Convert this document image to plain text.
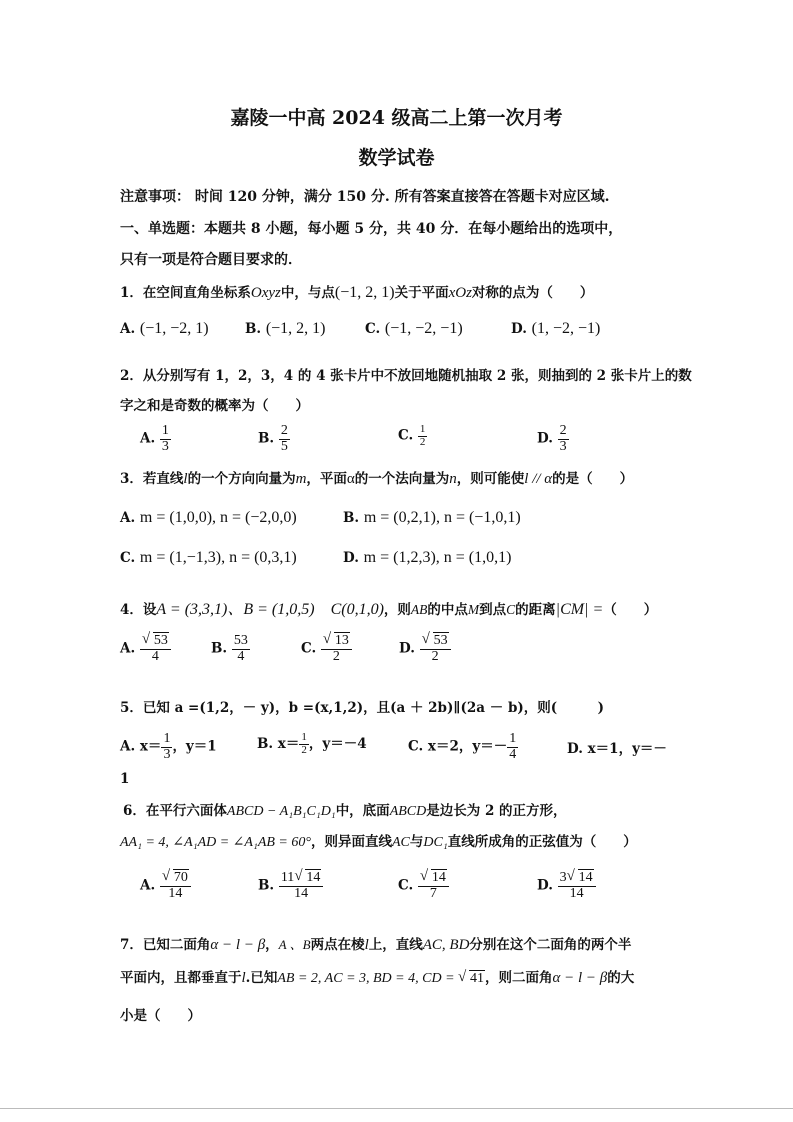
嘉陵一中高 2024 级高二上第一次月考
数学试卷
注意事项： 时间 120 分钟，满分 150 分. 所有答案直接答在答题卡对应区域.
一、单选题：本题共 8 小题，每小题 5 分，共 40 分．在每小题给出的选项中，
只有一项是符合题目要求的．
1．在空间直角坐标系Oxyz中，与点(−1, 2, 1)关于平面xOz对称的点为（　　）
A. (−1, −2, 1)	B. (−1, 2, 1)	C. (−1, −2, −1)	D. (1, −2, −1)
2．从分别写有 1，2，3，4 的 4 张卡片中不放回地随机抽取 2 张，则抽到的 2 张卡片上的数
字之和是奇数的概率为（　　）
A. $\frac{1}{3}$	B. $\frac{2}{5}$	C. $\frac{1}{2}$	D. $\frac{2}{3}$
3．若直线l的一个方向向量为m，平面α的一个法向量为n，则可能使l // α的是（　　）
A. m = (1,0,0), n = (−2,0,0)	B. m = (0,2,1), n = (−1,0,1)
C. m = (1,−1,3), n = (0,3,1)	D. m = (1,2,3), n = (1,0,1)
4．设A = (3,3,1)、B = (1,0,5)　C(0,1,0)，则AB的中点M到点C的距离|CM| =（　　）
A. $\frac{√ 53}{4}$	B. $\frac{53}{4}$	C. $\frac{√ 13}{2}$	D. $\frac{√ 53}{2}$
5．已知 a =(1,2，－ y)，b =(x,1,2)，且(a ＋ 2b)∥(2a － b)，则(　　　)
A. $x= \frac{1}{3}$ ，y＝1	B. $x= \frac{1}{2}$ ，y＝－4	C. x＝2，$y=- \frac{1}{4}$	D. x＝1，y＝－
1
6．在平行六面体ABCD − A₁B₁C₁D₁中，底面ABCD是边长为 2 的正方形，
AA₁ = 4, ∠A₁AD = ∠A₁AB = 60°，则异面直线AC与DC₁直线所成角的正弦值为（　　）
A. $\frac{√ 70}{14}$	B. $\frac{11 √ 14}{14}$	C. $\frac{√ 14}{7}$	D. $\frac{3 √ 14}{14}$
7．已知二面角α − l − β，A 、B两点在棱l上，直线AC, BD分别在这个二面角的两个半
平面内，且都垂直于l.已知AB = 2, AC = 3, BD = 4, CD = √ 41，则二面角α − l − β的大
小是（　　）
